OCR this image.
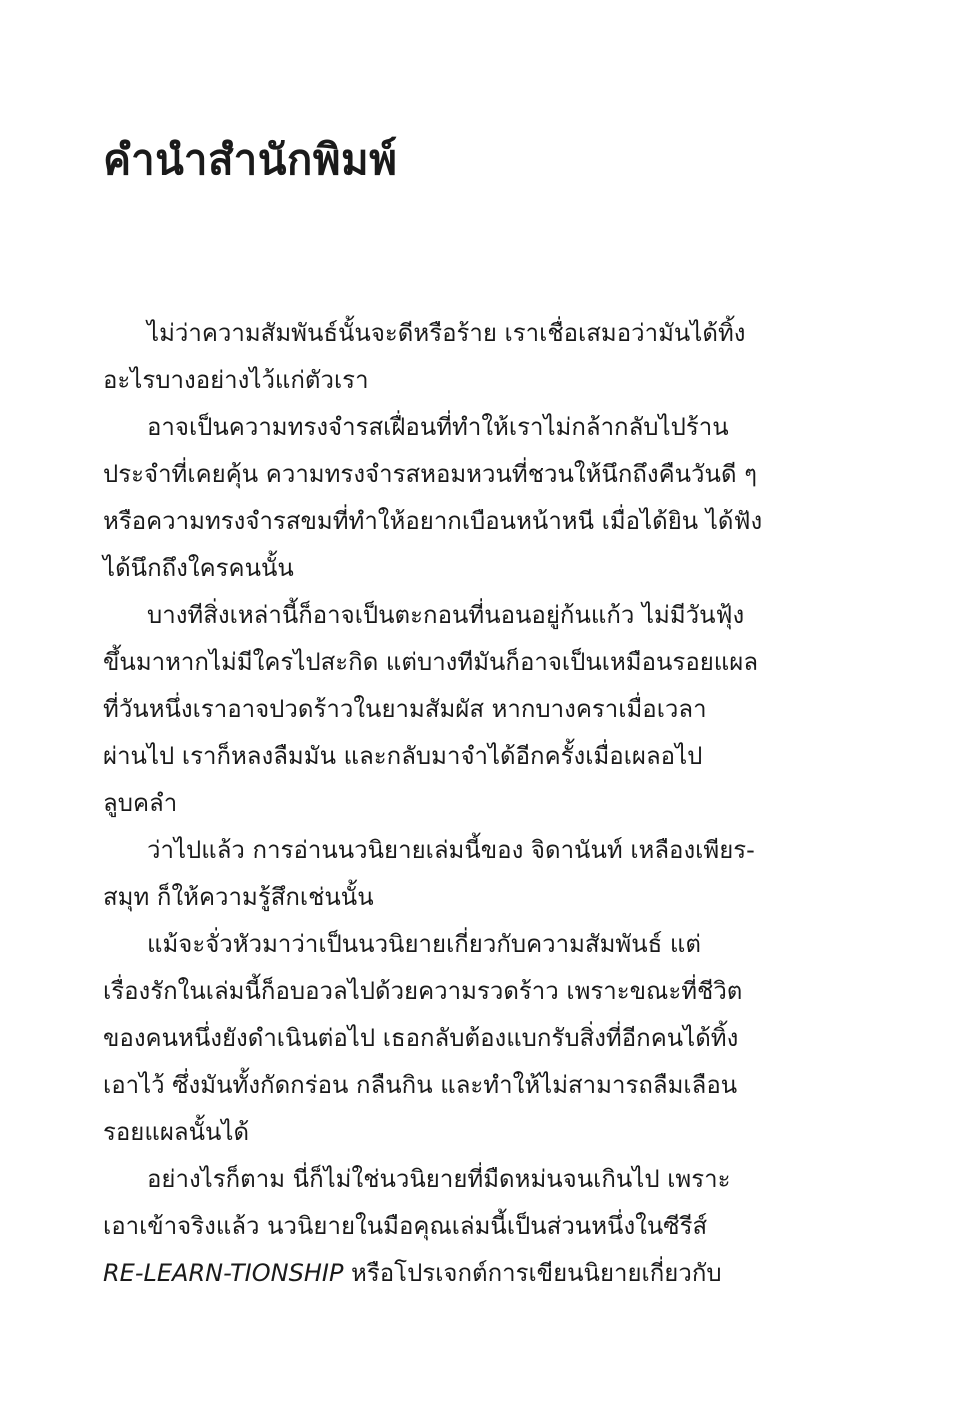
คำนำสำนักพิมพ์

ไม่ว่าความสัมพันธ์นั้นจะดีหรือร้าย เราเชื่อเสมอว่ามันได้ทิ้ง
อะไรบางอย่างไว้แก่ตัวเรา

อาจเป็นความทรงจำรสเฝื่อนที่ทำให้เราไม่กล้ากลับไปร้าน
ประจำที่เคยคุ้น ความทรงจำรสหอมหวนที่ชวนให้นึกถึงคืนวันดี ๆ
หรือความทรงจำรสขมที่ทำให้อยากเบือนหน้าหนี เมื่อได้ยิน ได้ฟัง
ได้นึกถึงใครคนนั้น

บางทีสิ่งเหล่านี้ก็อาจเป็นตะกอนที่นอนอยู่ก้นแก้ว ไม่มีวันฟุ้ง
ขึ้นมาหากไม่มีใครไปสะกิด แต่บางทีมันก็อาจเป็นเหมือนรอยแผล
ที่วันหนึ่งเราอาจปวดร้าวในยามสัมผัส หากบางคราเมื่อเวลา
ผ่านไป เราก็หลงลืมมัน และกลับมาจำได้อีกครั้งเมื่อเผลอไป
ลูบคลำ

ว่าไปแล้ว การอ่านนวนิยายเล่มนี้ของ จิดานันท์ เหลืองเพียร-
สมุท ก็ให้ความรู้สึกเช่นนั้น

แม้จะจั่วหัวมาว่าเป็นนวนิยายเกี่ยวกับความสัมพันธ์ แต่
เรื่องรักในเล่มนี้ก็อบอวลไปด้วยความรวดร้าว เพราะขณะที่ชีวิต
ของคนหนึ่งยังดำเนินต่อไป เธอกลับต้องแบกรับสิ่งที่อีกคนได้ทิ้ง
เอาไว้ ซึ่งมันทั้งกัดกร่อน กลืนกิน และทำให้ไม่สามารถลืมเลือน
รอยแผลนั้นได้

อย่างไรก็ตาม นี่ก็ไม่ใช่นวนิยายที่มืดหม่นจนเกินไป เพราะ
เอาเข้าจริงแล้ว นวนิยายในมือคุณเล่มนี้เป็นส่วนหนึ่งในซีรีส์
RE-LEARN-TIONSHIP หรือโปรเจกต์การเขียนนิยายเกี่ยวกับ
